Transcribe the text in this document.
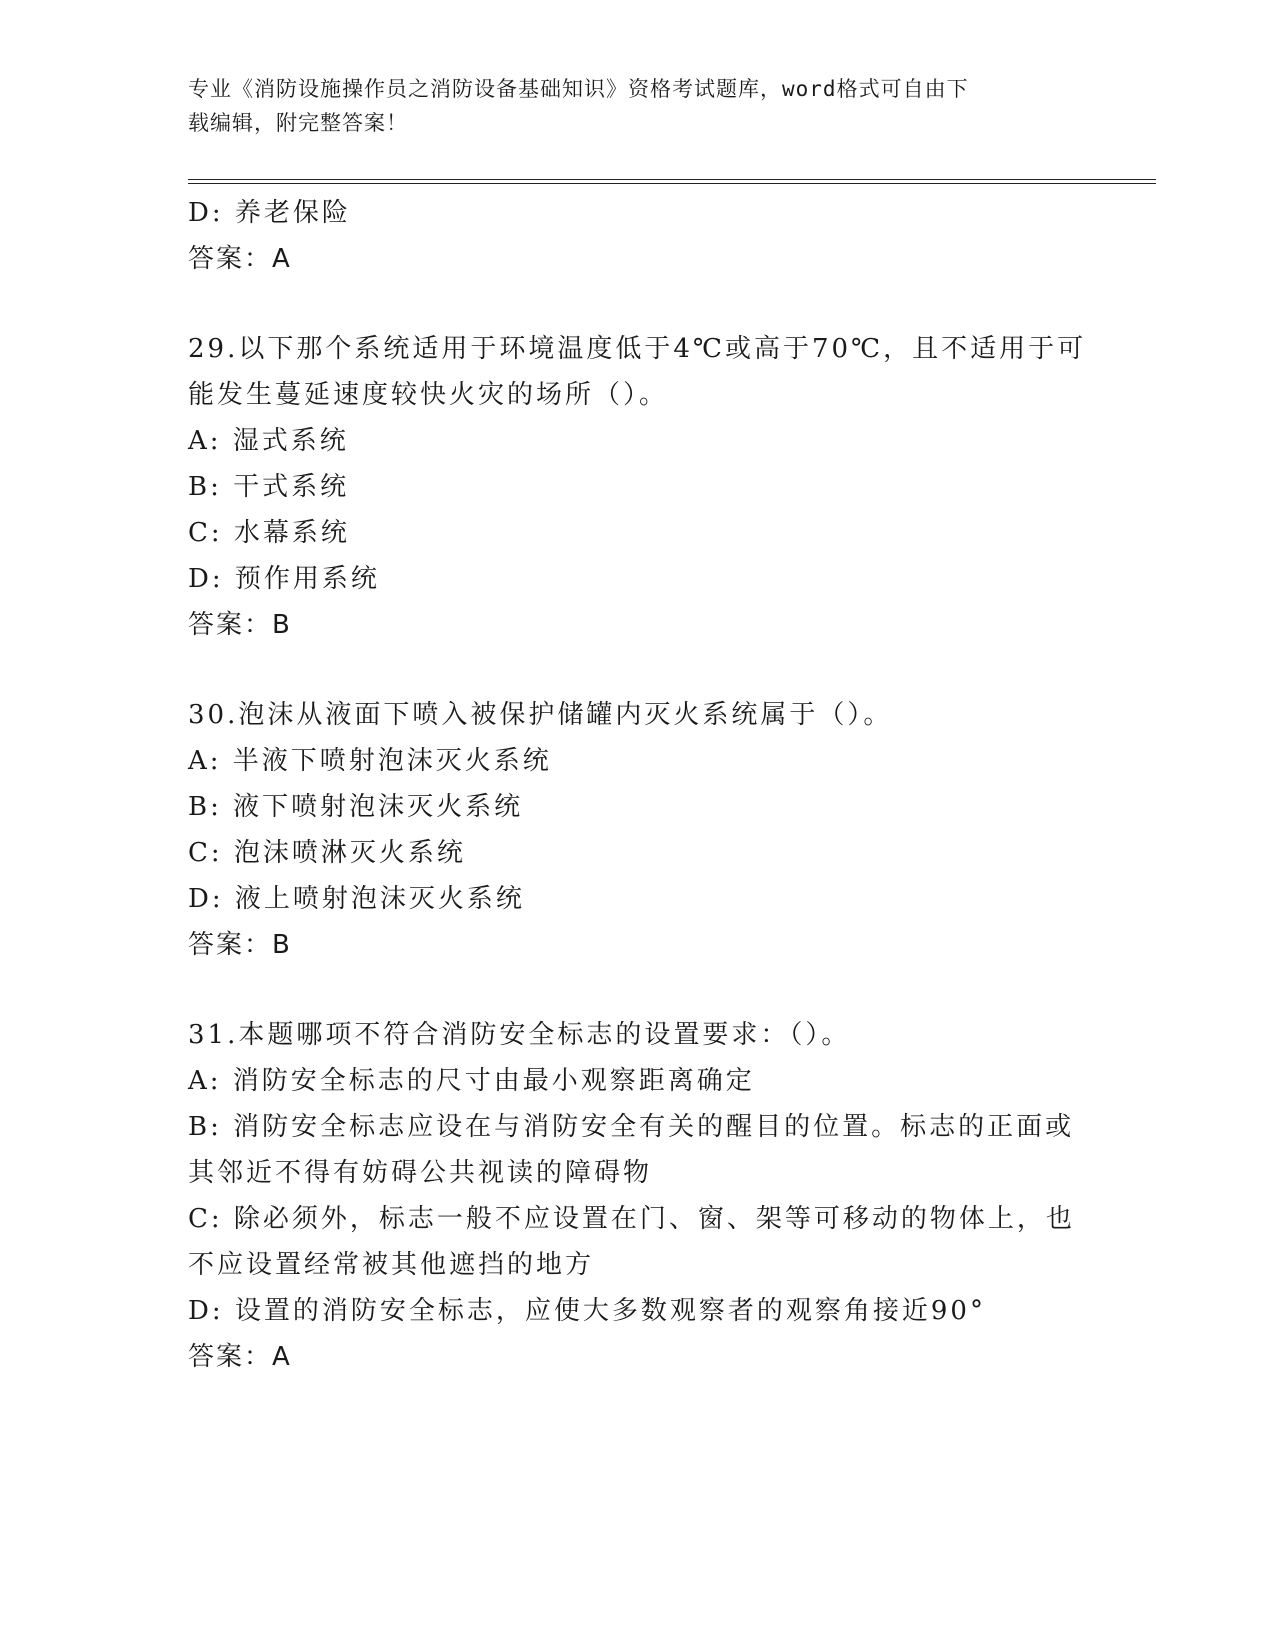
专业《消防设施操作员之消防设备基础知识》资格考试题库，word格式可自由下
载编辑，附完整答案！
D: 养老保险
答案：A
29.以下那个系统适用于环境温度低于4℃或高于70℃，且不适用于可
能发生蔓延速度较快火灾的场所（）。
A: 湿式系统
B: 干式系统
C: 水幕系统
D: 预作用系统
答案：B
30.泡沫从液面下喷入被保护储罐内灭火系统属于（）。
A: 半液下喷射泡沫灭火系统
B: 液下喷射泡沫灭火系统
C: 泡沫喷淋灭火系统
D: 液上喷射泡沫灭火系统
答案：B
31.本题哪项不符合消防安全标志的设置要求：（）。
A: 消防安全标志的尺寸由最小观察距离确定
B: 消防安全标志应设在与消防安全有关的醒目的位置。标志的正面或
其邻近不得有妨碍公共视读的障碍物
C: 除必须外，标志一般不应设置在门、窗、架等可移动的物体上，也
不应设置经常被其他遮挡的地方
D: 设置的消防安全标志，应使大多数观察者的观察角接近90°
答案：A
